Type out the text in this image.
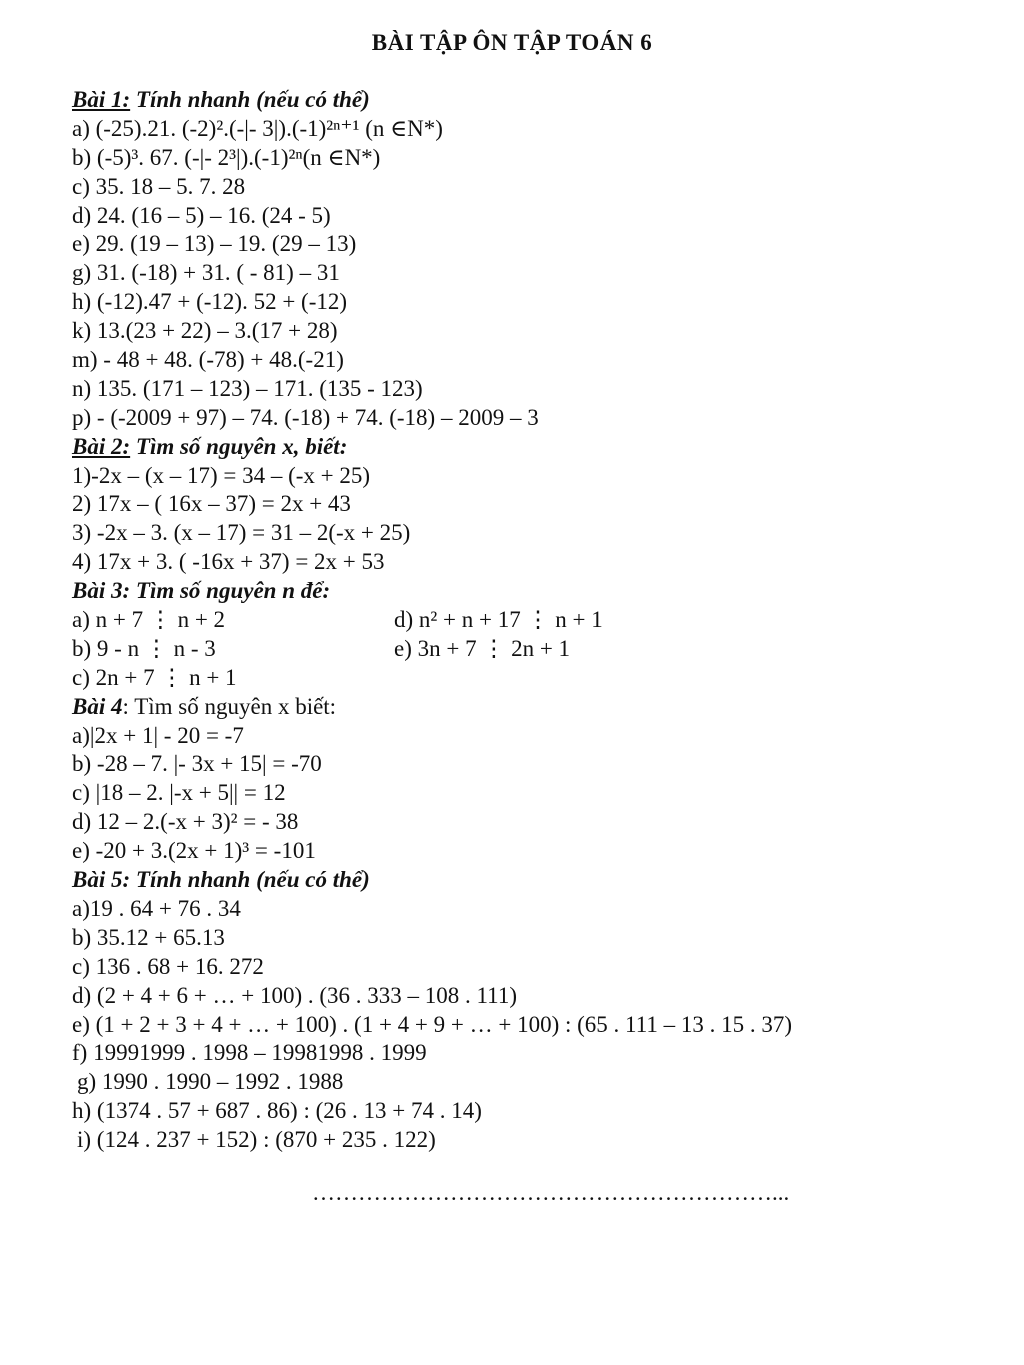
BÀI TẬP ÔN TẬP TOÁN 6
Bài 1: Tính nhanh (nếu có thể)
a) (-25).21. (-2)².(-|- 3|).(-1)²ⁿ⁺¹ (n ∈N*)
b) (-5)³. 67. (-|- 2³|).(-1)²ⁿ(n ∈N*)
c) 35. 18 – 5. 7. 28
d) 24. (16 – 5) – 16. (24 - 5)
e) 29. (19 – 13) – 19. (29 – 13)
g) 31. (-18) + 31. ( - 81) – 31
h) (-12).47 + (-12). 52 + (-12)
k) 13.(23 + 22) – 3.(17 + 28)
m) - 48 + 48. (-78) + 48.(-21)
n) 135. (171 – 123) – 171. (135 - 123)
p) - (-2009 + 97) – 74. (-18) + 74. (-18) – 2009 – 3
Bài 2: Tìm số nguyên x, biết:
1)-2x – (x – 17) = 34 – (-x + 25)
2) 17x – ( 16x – 37) = 2x + 43
3) -2x – 3. (x – 17) = 31 – 2(-x + 25)
4) 17x + 3. ( -16x + 37) = 2x + 53
Bài 3: Tìm số nguyên n để:
a) n + 7 ⋮ n + 2	d) n² + n + 17 ⋮ n + 1
b) 9 - n ⋮ n - 3	e) 3n + 7 ⋮ 2n + 1
c) 2n + 7 ⋮ n + 1
Bài 4: Tìm số nguyên x biết:
a)|2x + 1| - 20 = -7
b) -28 – 7. |- 3x + 15| = -70
c) |18 – 2. |-x + 5|| = 12
d) 12 – 2.(-x + 3)² = - 38
e) -20 + 3.(2x + 1)³ = -101
Bài 5: Tính nhanh (nếu có thể)
a)19 . 64 + 76 . 34
b) 35.12 + 65.13
c) 136 . 68 + 16. 272
d) (2 + 4 + 6 + … + 100) . (36 . 333 – 108 . 111)
e) (1 + 2 + 3 + 4 + … + 100) . (1 + 4 + 9 + … + 100) : (65 . 111 – 13 . 15 . 37)
f) 19991999 . 1998 – 19981998 . 1999
g) 1990 . 1990 – 1992 . 1988
h) (1374 . 57 + 687 . 86) : (26 . 13 + 74 . 14)
i) (124 . 237 + 152) : (870 + 235 . 122)
……………………………………………………...
